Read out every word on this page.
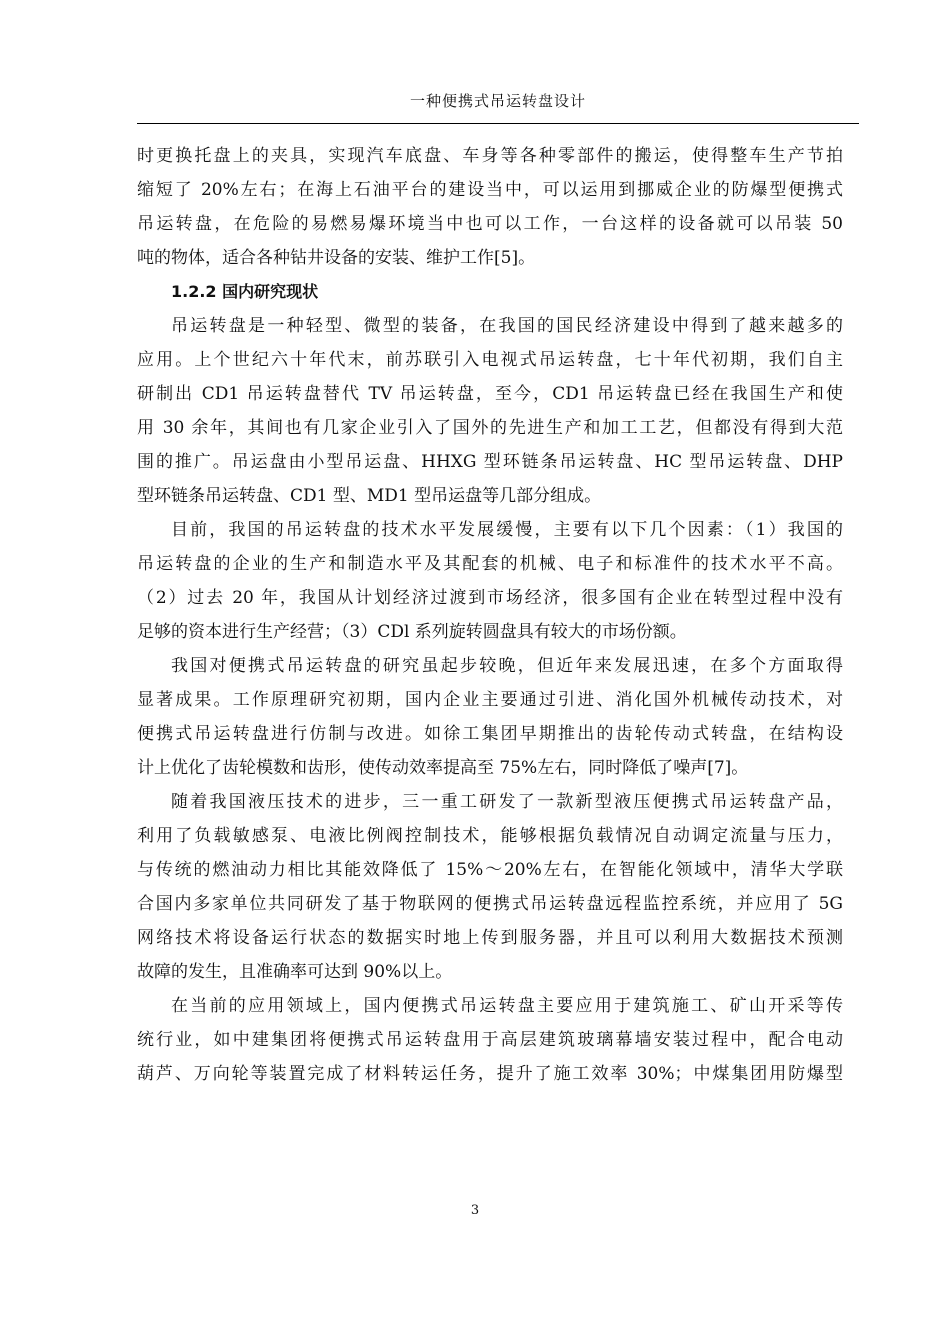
一种便携式吊运转盘设计
时更换托盘上的夹具，实现汽车底盘、车身等各种零部件的搬运，使得整车生产节拍
缩短了 20%左右；在海上石油平台的建设当中，可以运用到挪威企业的防爆型便携式
吊运转盘，在危险的易燃易爆环境当中也可以工作，一台这样的设备就可以吊装 50
吨的物体，适合各种钻井设备的安装、维护工作[5]。
1.2.2 国内研究现状
吊运转盘是一种轻型、微型的装备，在我国的国民经济建设中得到了越来越多的
应用。上个世纪六十年代末，前苏联引入电视式吊运转盘，七十年代初期，我们自主
研制出 CD1 吊运转盘替代 TV 吊运转盘，至今，CD1 吊运转盘已经在我国生产和使
用 30 余年，其间也有几家企业引入了国外的先进生产和加工工艺，但都没有得到大范
围的推广。吊运盘由小型吊运盘、HHXG 型环链条吊运转盘、HC 型吊运转盘、DHP
型环链条吊运转盘、CD1 型、MD1 型吊运盘等几部分组成。
目前，我国的吊运转盘的技术水平发展缓慢，主要有以下几个因素：（1）我国的
吊运转盘的企业的生产和制造水平及其配套的机械、电子和标准件的技术水平不高。
（2）过去 20 年，我国从计划经济过渡到市场经济，很多国有企业在转型过程中没有
足够的资本进行生产经营；（3）CDl 系列旋转圆盘具有较大的市场份额。
我国对便携式吊运转盘的研究虽起步较晚，但近年来发展迅速，在多个方面取得
显著成果。工作原理研究初期，国内企业主要通过引进、消化国外机械传动技术，对
便携式吊运转盘进行仿制与改进。如徐工集团早期推出的齿轮传动式转盘，在结构设
计上优化了齿轮模数和齿形，使传动效率提高至 75%左右，同时降低了噪声[7]。
随着我国液压技术的进步，三一重工研发了一款新型液压便携式吊运转盘产品，
利用了负载敏感泵、电液比例阀控制技术，能够根据负载情况自动调定流量与压力，
与传统的燃油动力相比其能效降低了 15%～20%左右，在智能化领域中，清华大学联
合国内多家单位共同研发了基于物联网的便携式吊运转盘远程监控系统，并应用了 5G
网络技术将设备运行状态的数据实时地上传到服务器，并且可以利用大数据技术预测
故障的发生，且准确率可达到 90%以上。
在当前的应用领域上，国内便携式吊运转盘主要应用于建筑施工、矿山开采等传
统行业，如中建集团将便携式吊运转盘用于高层建筑玻璃幕墙安装过程中，配合电动
葫芦、万向轮等装置完成了材料转运任务，提升了施工效率 30%；中煤集团用防爆型
3
